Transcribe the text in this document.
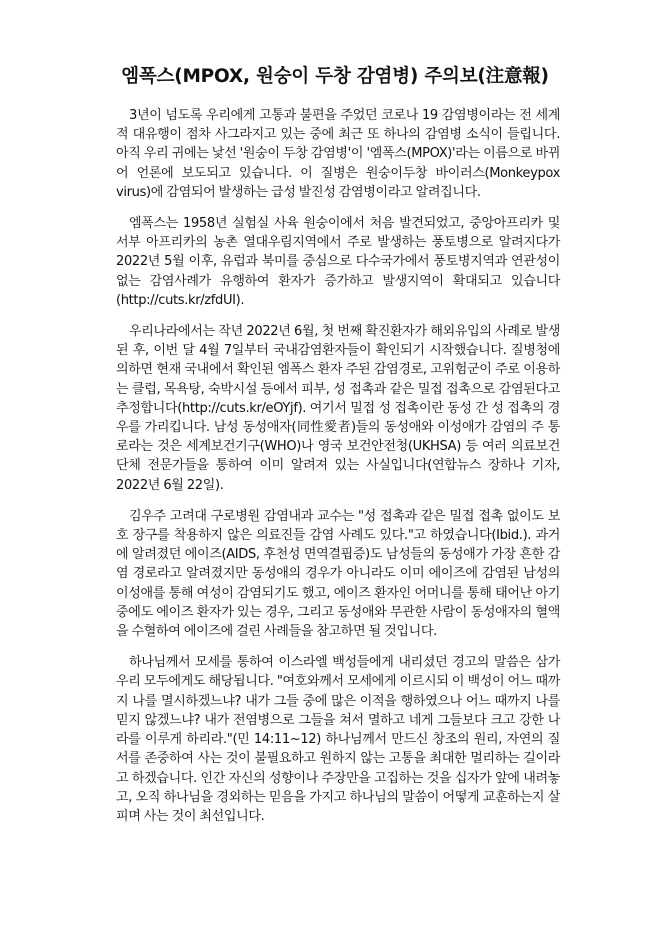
엠폭스(MPOX, 원숭이 두창 감염병) 주의보(注意報)

3년이 넘도록 우리에게 고통과 불편을 주었던 코로나 19 감염병이라는 전 세계적 대유행이 점차 사그라지고 있는 중에 최근 또 하나의 감염병 소식이 들립니다. 아직 우리 귀에는 낯선 '원숭이 두창 감염병'이 '엠폭스(MPOX)'라는 이름으로 바뀌어 언론에 보도되고 있습니다. 이 질병은 원숭이두창 바이러스(Monkeypox virus)에 감염되어 발생하는 급성 발진성 감염병이라고 알려집니다.

엠폭스는 1958년 실험실 사육 원숭이에서 처음 발견되었고, 중앙아프리카 및 서부 아프리카의 농촌 열대우림지역에서 주로 발생하는 풍토병으로 알려지다가 2022년 5월 이후, 유럽과 북미를 중심으로 다수국가에서 풍토병지역과 연관성이 없는 감염사례가 유행하여 환자가 증가하고 발생지역이 확대되고 있습니다(http://cuts.kr/zfdUI).

우리나라에서는 작년 2022년 6월, 첫 번째 확진환자가 해외유입의 사례로 발생된 후, 이번 달 4월 7일부터 국내감염환자들이 확인되기 시작했습니다. 질병청에 의하면 현재 국내에서 확인된 엠폭스 환자 주된 감염경로, 고위험군이 주로 이용하는 클럽, 목욕탕, 숙박시설 등에서 피부, 성 접촉과 같은 밀접 접촉으로 감염된다고 추정합니다(http://cuts.kr/eOYjf). 여기서 밀접 성 접촉이란 동성 간 성 접촉의 경우를 가리킵니다. 남성 동성애자(同性愛者)들의 동성애와 이성애가 감염의 주 통로라는 것은 세계보건기구(WHO)나 영국 보건안전청(UKHSA) 등 여러 의료보건단체 전문가들을 통하여 이미 알려져 있는 사실입니다(연합뉴스 장하나 기자, 2022년 6월 22일).

김우주 고려대 구로병원 감염내과 교수는 "성 접촉과 같은 밀접 접촉 없이도 보호 장구를 착용하지 않은 의료진들 감염 사례도 있다."고 하였습니다(Ibid.). 과거에 알려졌던 에이즈(AIDS, 후천성 면역결핍증)도 남성들의 동성애가 가장 흔한 감염 경로라고 알려졌지만 동성애의 경우가 아니라도 이미 에이즈에 감염된 남성의 이성애를 통해 여성이 감염되기도 했고, 에이즈 환자인 어머니를 통해 태어난 아기 중에도 에이즈 환자가 있는 경우, 그리고 동성애와 무관한 사람이 동성애자의 혈액을 수혈하여 에이즈에 걸린 사례들을 참고하면 될 것입니다.

하나님께서 모세를 통하여 이스라엘 백성들에게 내리셨던 경고의 말씀은 삼가 우리 모두에게도 해당됩니다. "여호와께서 모세에게 이르시되 이 백성이 어느 때까지 나를 멸시하겠느냐? 내가 그들 중에 많은 이적을 행하였으나 어느 때까지 나를 믿지 않겠느냐? 내가 전염병으로 그들을 쳐서 멸하고 네게 그들보다 크고 강한 나라를 이루게 하리라."(민 14:11~12) 하나님께서 만드신 창조의 원리, 자연의 질서를 존중하여 사는 것이 불필요하고 원하지 않는 고통을 최대한 멀리하는 길이라고 하겠습니다. 인간 자신의 성향이나 주장만을 고집하는 것을 십자가 앞에 내려놓고, 오직 하나님을 경외하는 믿음을 가지고 하나님의 말씀이 어떻게 교훈하는지 살피며 사는 것이 최선입니다.
